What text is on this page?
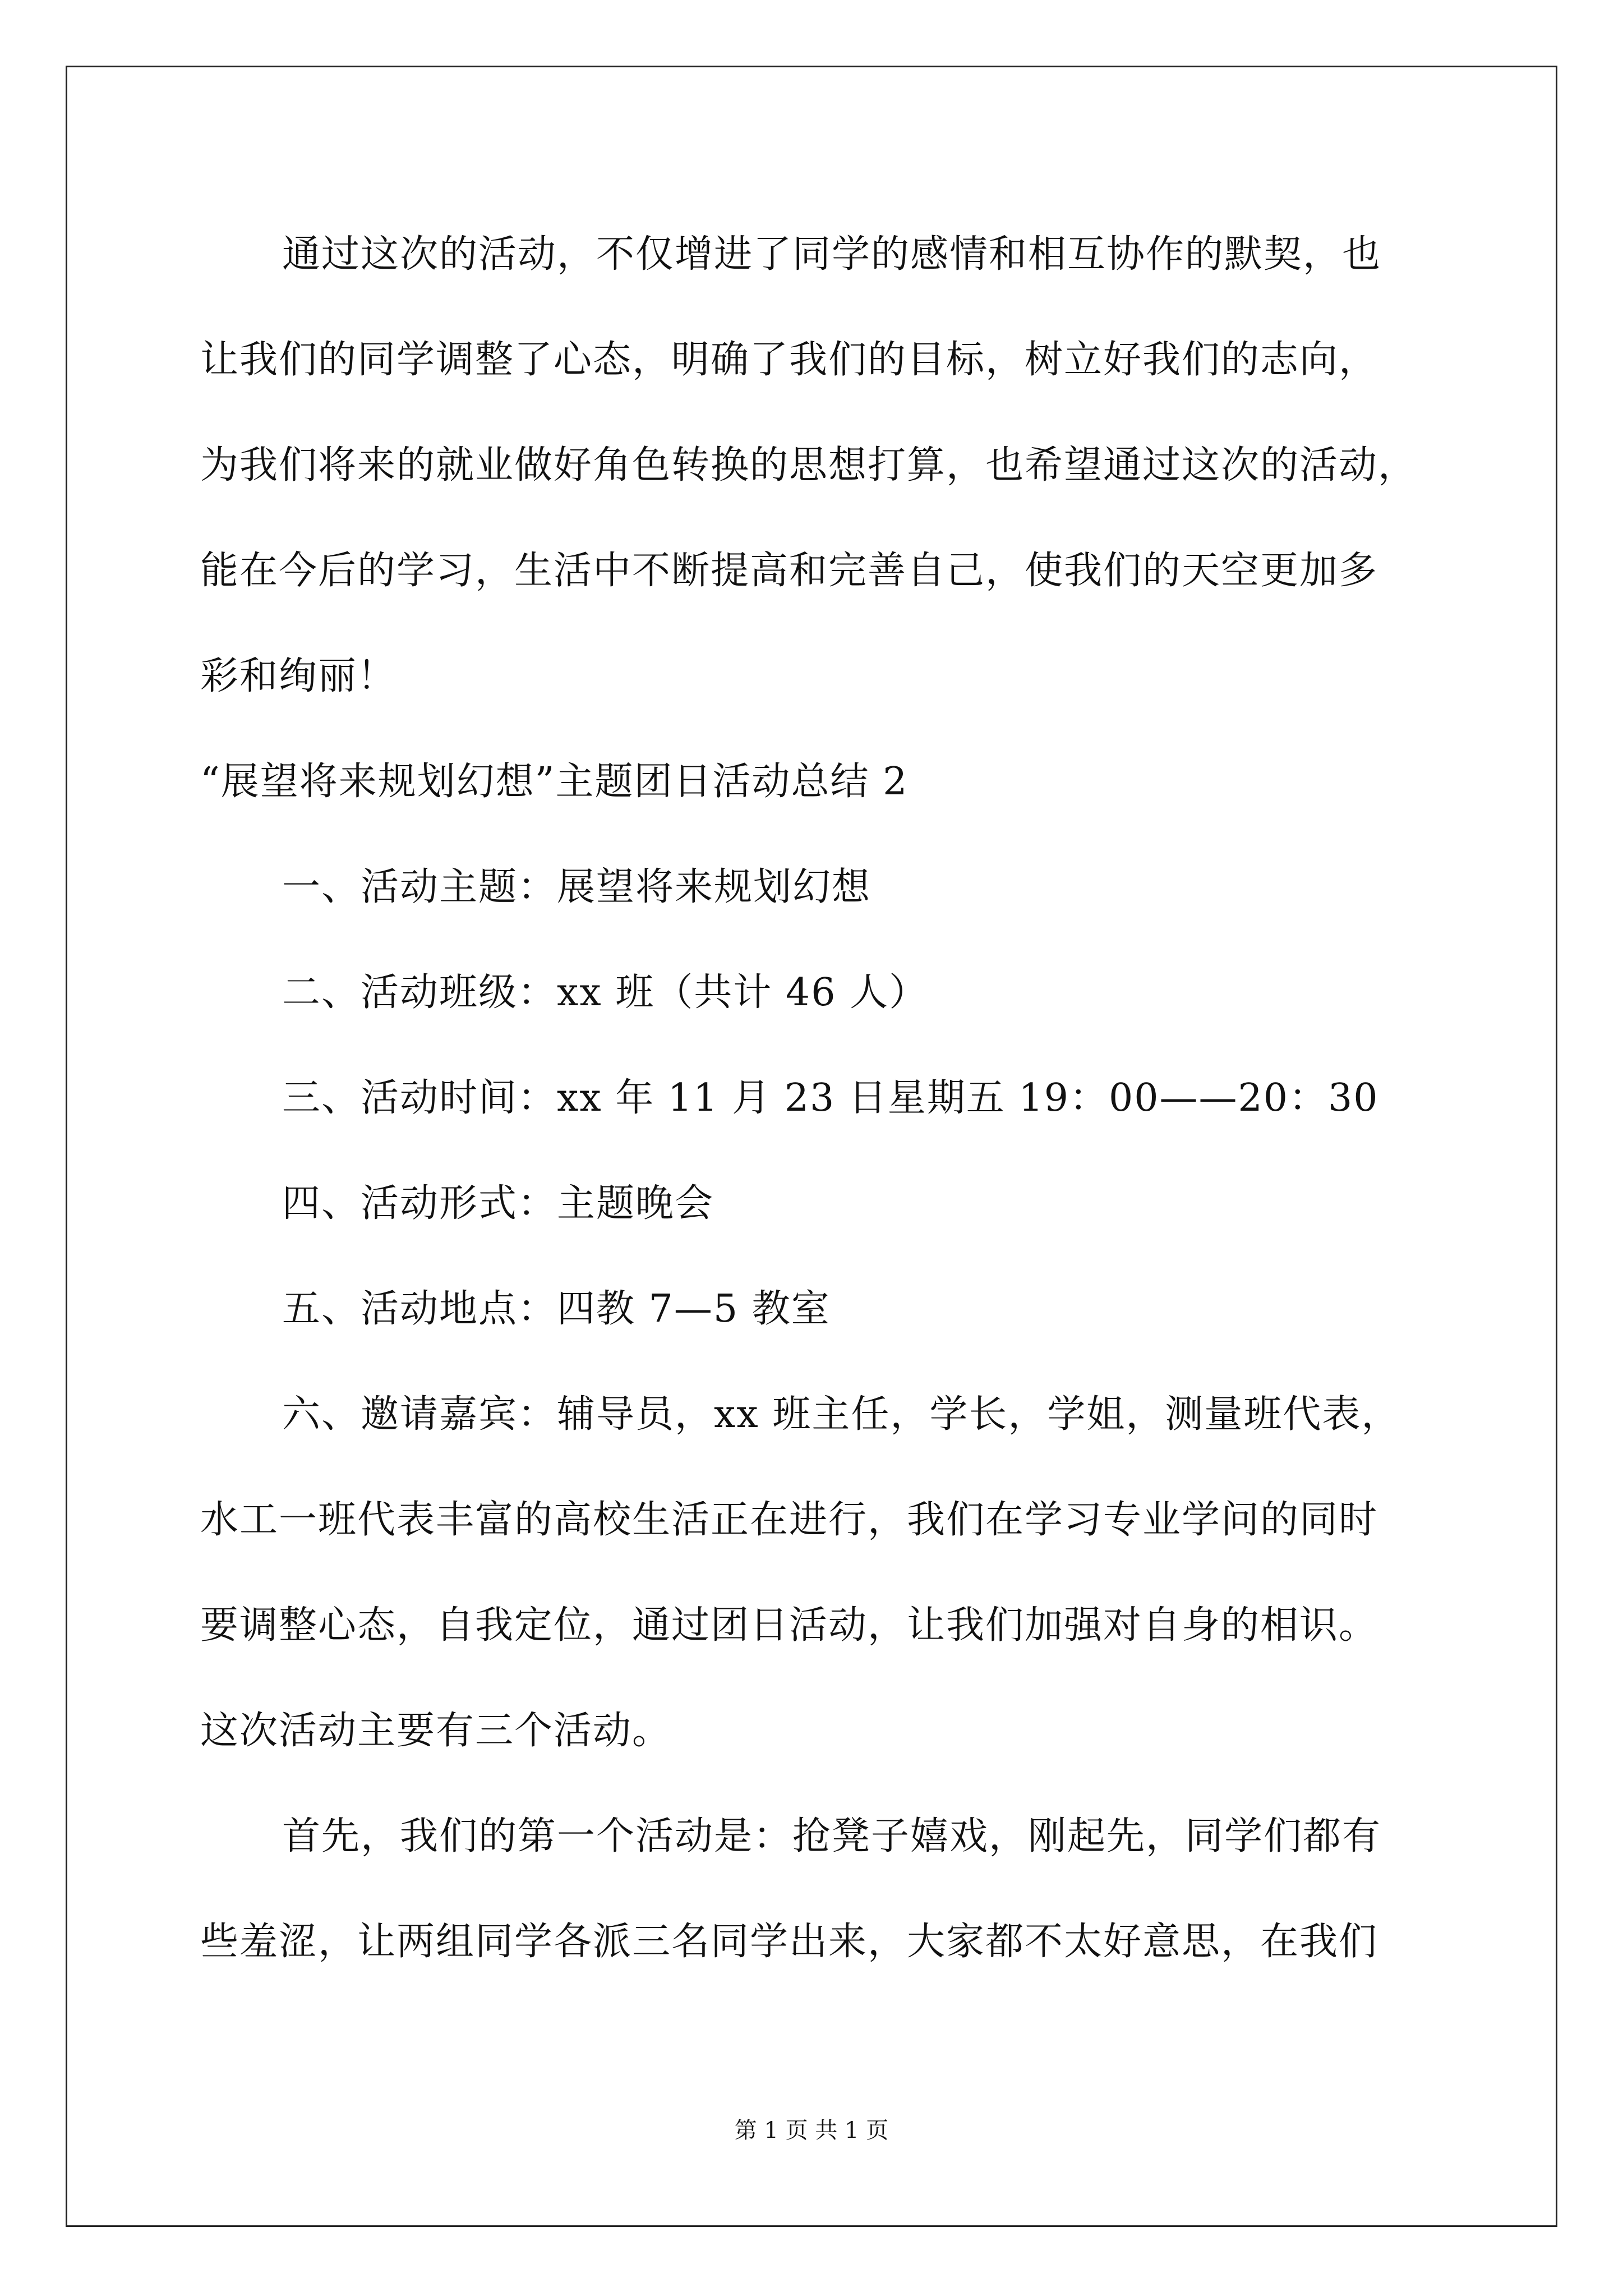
通过这次的活动，不仅增进了同学的感情和相互协作的默契，也
让我们的同学调整了心态，明确了我们的目标，树立好我们的志向，
为我们将来的就业做好角色转换的思想打算，也希望通过这次的活动，
能在今后的学习，生活中不断提高和完善自己，使我们的天空更加多
彩和绚丽！
“展望将来规划幻想”主题团日活动总结 2
一、活动主题：展望将来规划幻想
二、活动班级：xx 班（共计 46 人）
三、活动时间：xx 年 11 月 23 日星期五 19：00——20：30
四、活动形式：主题晚会
五、活动地点：四教 7—5 教室
六、邀请嘉宾：辅导员，xx 班主任，学长，学姐，测量班代表，
水工一班代表丰富的高校生活正在进行，我们在学习专业学问的同时
要调整心态，自我定位，通过团日活动，让我们加强对自身的相识。
这次活动主要有三个活动。
首先，我们的第一个活动是：抢凳子嬉戏，刚起先，同学们都有
些羞涩，让两组同学各派三名同学出来，大家都不太好意思，在我们
第 1 页 共 1 页
